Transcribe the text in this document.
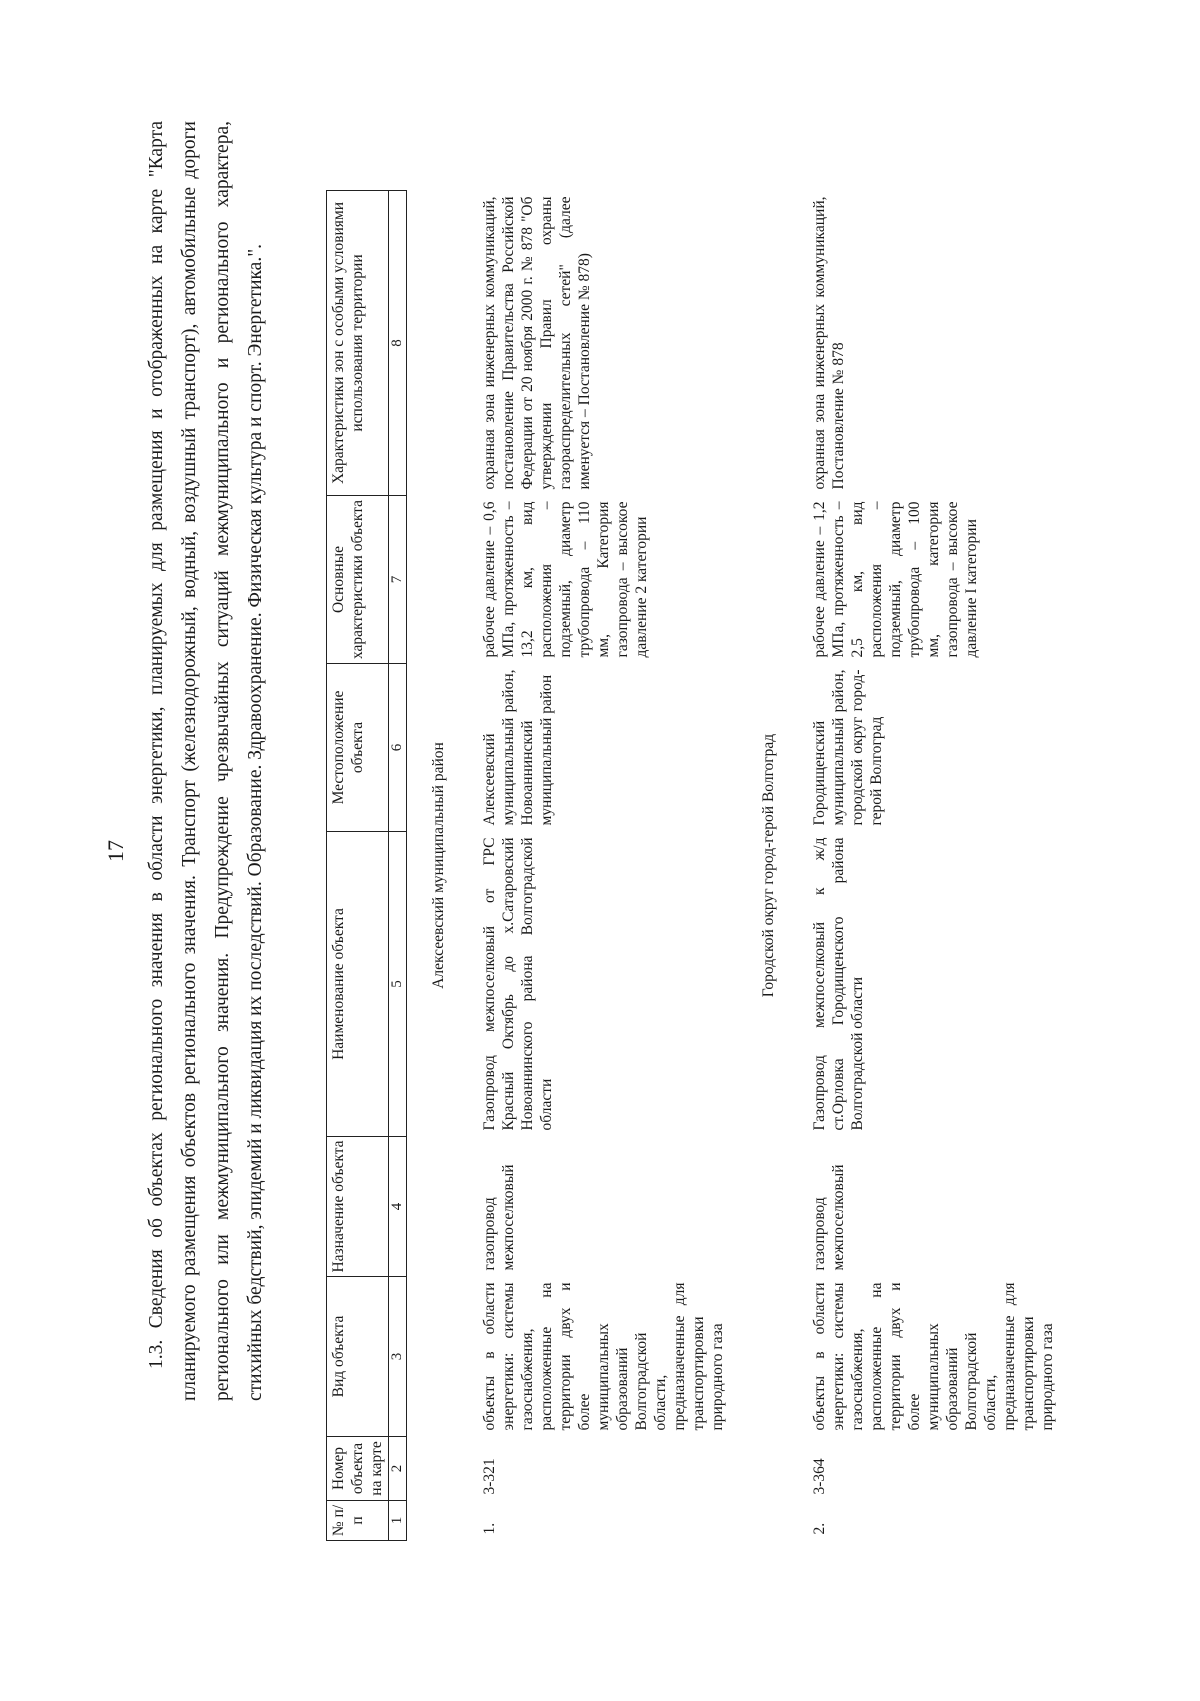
17 1.3. Сведения об объектах регионального значения в области энергетики, планируемых для размещения и отображенных на карте "Карта планируемого размещения объектов регионального значения. Транспорт (железнодорожный, водный, воздушный транспорт), автомобильные дороги регионального или межмуниципального значения. Предупреждение чрезвычайных ситуаций межмуниципального и регионального характера, стихийных бедствий, эпидемий и ликвидация их последствий. Образование. Здравоохранение. Физическая культура и спорт. Энергетика.".

№ п/п	Номер объекта на карте	Вид объекта	Назначение объекта	Наименование объекта	Местоположение объекта	Основные характеристики объекта	Характеристики зон с особыми условиями использования территории
1	2	3	4	5	6	7	8
Алексеевский муниципальный район							
1.	3-321	объекты в области энергетики: системы газоснабжения, расположенные на территории двух и более муниципальных образований Волгоградской области, предназначенные для транспортировки природного газа	газопровод межпоселковый	Газопровод межпоселковый от ГРС Красный Октябрь до х.Сатаровский Новоаннинского района Волгоградской области	Алексеевский муниципальный район, Новоаннинский муниципальный район	рабочее давление – 0,6 МПа, протяженность – 13,2 км, вид расположения – подземный, диаметр трубопровода – 110 мм, Категория газопровода – высокое давление 2 категории	охранная зона инженерных коммуникаций, постановление Правительства Российской Федерации от 20 ноября 2000 г. № 878 "Об утверждении Правил охраны газораспределительных сетей" (далее именуется – Постановление № 878)
Городской округ город-герой Волгоград							
2.	3-364	объекты в области энергетики: системы газоснабжения, расположенные на территории двух и более муниципальных образований Волгоградской области, предназначенные для транспортировки природного газа	газопровод межпоселковый	Газопровод межпоселковый к ж/д ст.Орловка Городищенского района Волгоградской области	Городищенский муниципальный район, городской округ город-герой Волгоград	рабочее давление – 1,2 МПа, протяженность – 2,5 км, вид расположения – подземный, диаметр трубопровода – 100 мм, категория газопровода – высокое давление I категории	охранная зона инженерных коммуникаций, Постановление № 878
